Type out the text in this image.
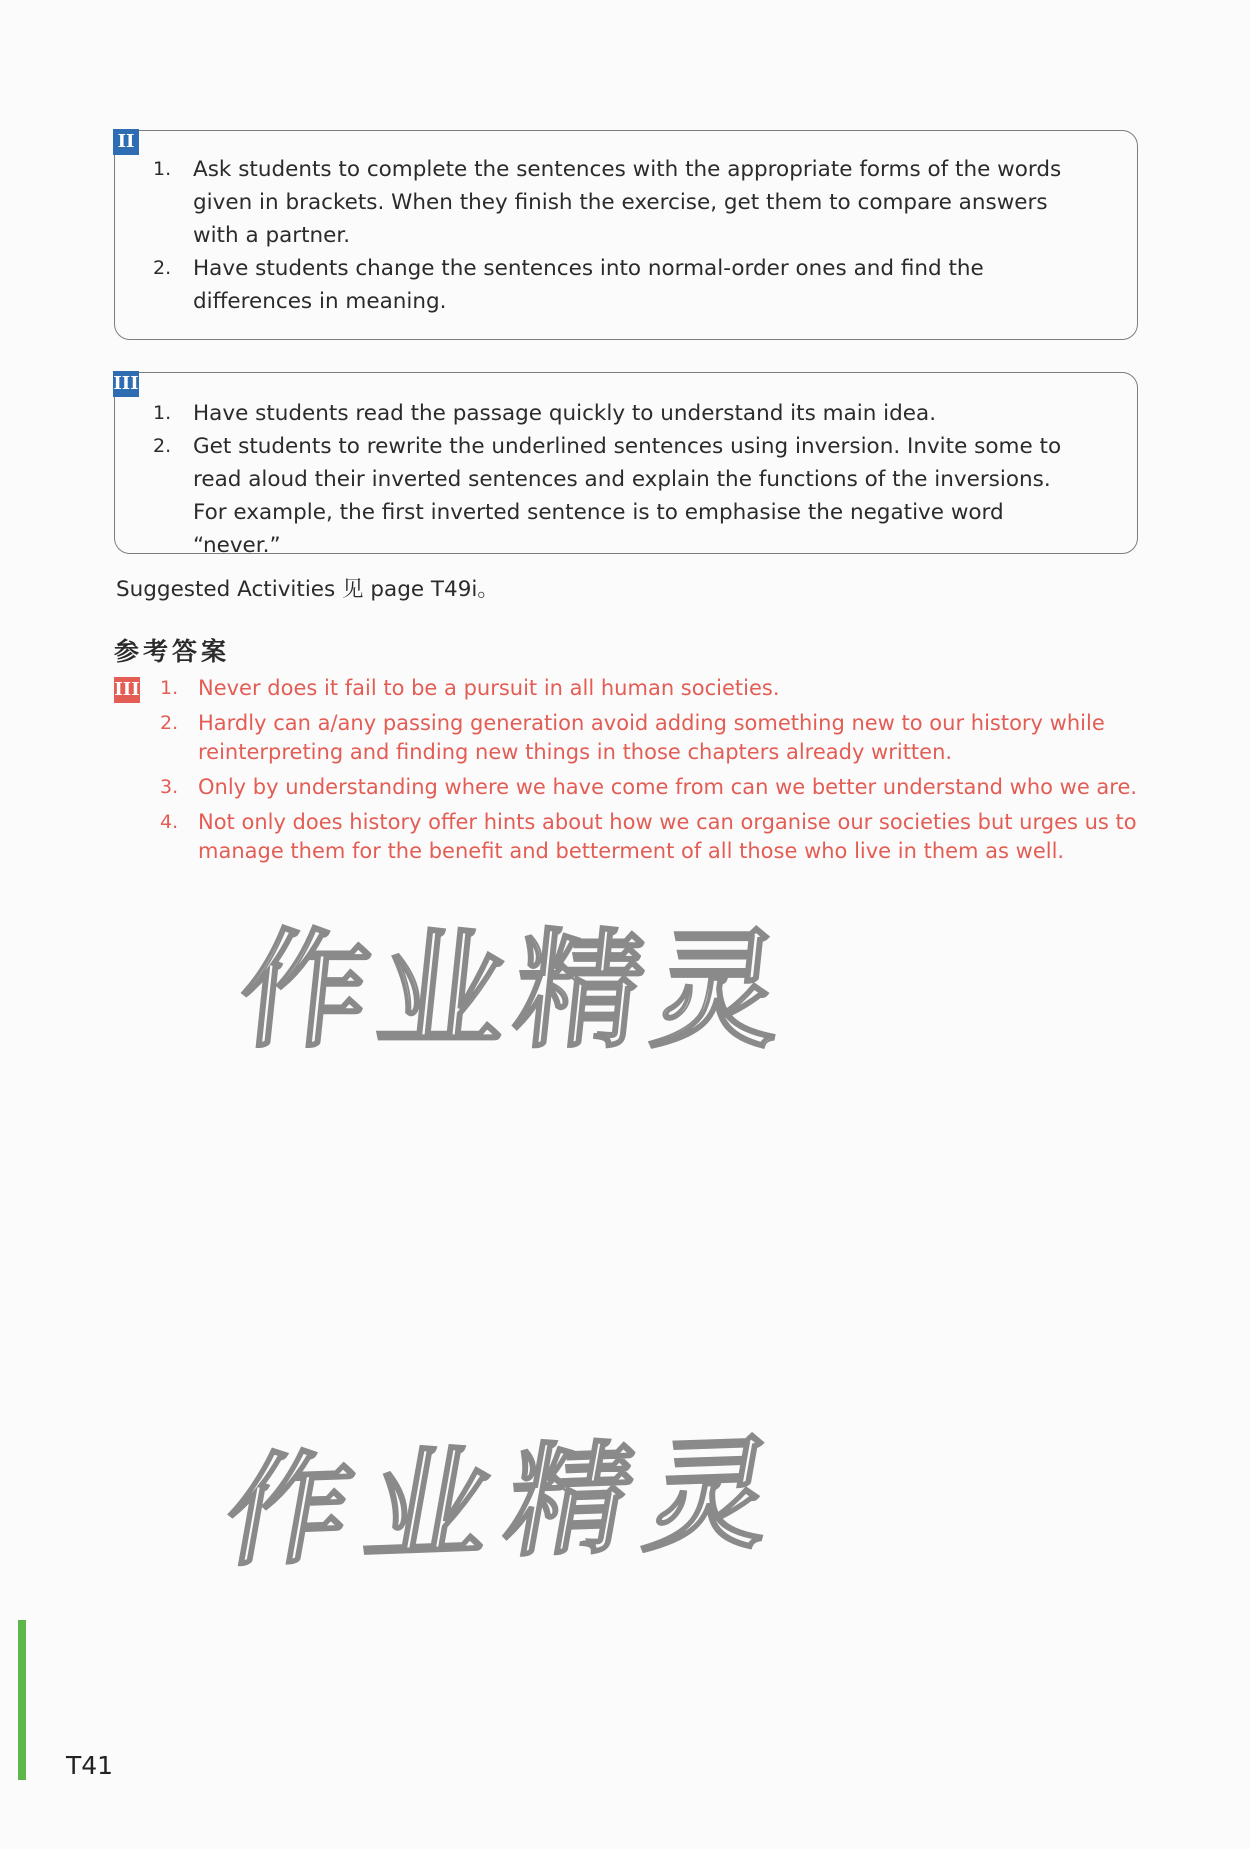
II
1. Ask students to complete the sentences with the appropriate forms of the words given in brackets. When they finish the exercise, get them to compare answers with a partner.
2. Have students change the sentences into normal-order ones and find the differences in meaning.
III
1. Have students read the passage quickly to understand its main idea.
2. Get students to rewrite the underlined sentences using inversion. Invite some to read aloud their inverted sentences and explain the functions of the inversions. For example, the first inverted sentence is to emphasise the negative word “never.”
Suggested Activities 见 page T49i。
参考答案
III 1. Never does it fail to be a pursuit in all human societies.
2. Hardly can a/any passing generation avoid adding something new to our history while reinterpreting and finding new things in those chapters already written.
3. Only by understanding where we have come from can we better understand who we are.
4. Not only does history offer hints about how we can organise our societies but urges us to manage them for the benefit and betterment of all those who live in them as well.
作业精灵
作业精灵
T41
